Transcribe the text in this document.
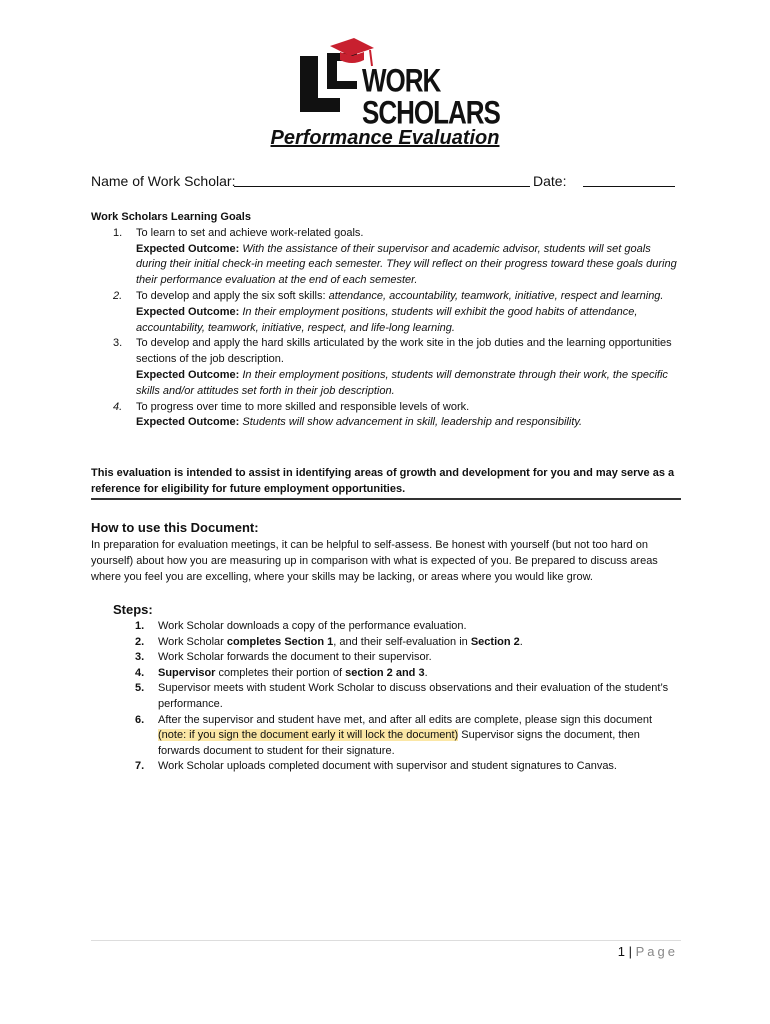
WORK
SCHOLARS
Performance Evaluation
Name of Work Scholar:	Date:
Work Scholars Learning Goals
1. To learn to set and achieve work-related goals.
Expected Outcome: With the assistance of their supervisor and academic advisor, students will set goals during their initial check-in meeting each semester. They will reflect on their progress toward these goals during their performance evaluation at the end of each semester.
2. To develop and apply the six soft skills: attendance, accountability, teamwork, initiative, respect and learning.
Expected Outcome: In their employment positions, students will exhibit the good habits of attendance, accountability, teamwork, initiative, respect, and life-long learning.
3. To develop and apply the hard skills articulated by the work site in the job duties and the learning opportunities sections of the job description.
Expected Outcome: In their employment positions, students will demonstrate through their work, the specific skills and/or attitudes set forth in their job description.
4. To progress over time to more skilled and responsible levels of work.
Expected Outcome: Students will show advancement in skill, leadership and responsibility.
This evaluation is intended to assist in identifying areas of growth and development for you and may serve as a reference for eligibility for future employment opportunities.
How to use this Document:
In preparation for evaluation meetings, it can be helpful to self-assess. Be honest with yourself (but not too hard on yourself) about how you are measuring up in comparison with what is expected of you. Be prepared to discuss areas where you feel you are excelling, where your skills may be lacking, or areas where you would like grow.
Steps:
1. Work Scholar downloads a copy of the performance evaluation.
2. Work Scholar completes Section 1, and their self-evaluation in Section 2.
3. Work Scholar forwards the document to their supervisor.
4. Supervisor completes their portion of section 2 and 3.
5. Supervisor meets with student Work Scholar to discuss observations and their evaluation of the student’s performance.
6. After the supervisor and student have met, and after all edits are complete, please sign this document (note: if you sign the document early it will lock the document) Supervisor signs the document, then forwards document to student for their signature.
7. Work Scholar uploads completed document with supervisor and student signatures to Canvas.
1 | Page
